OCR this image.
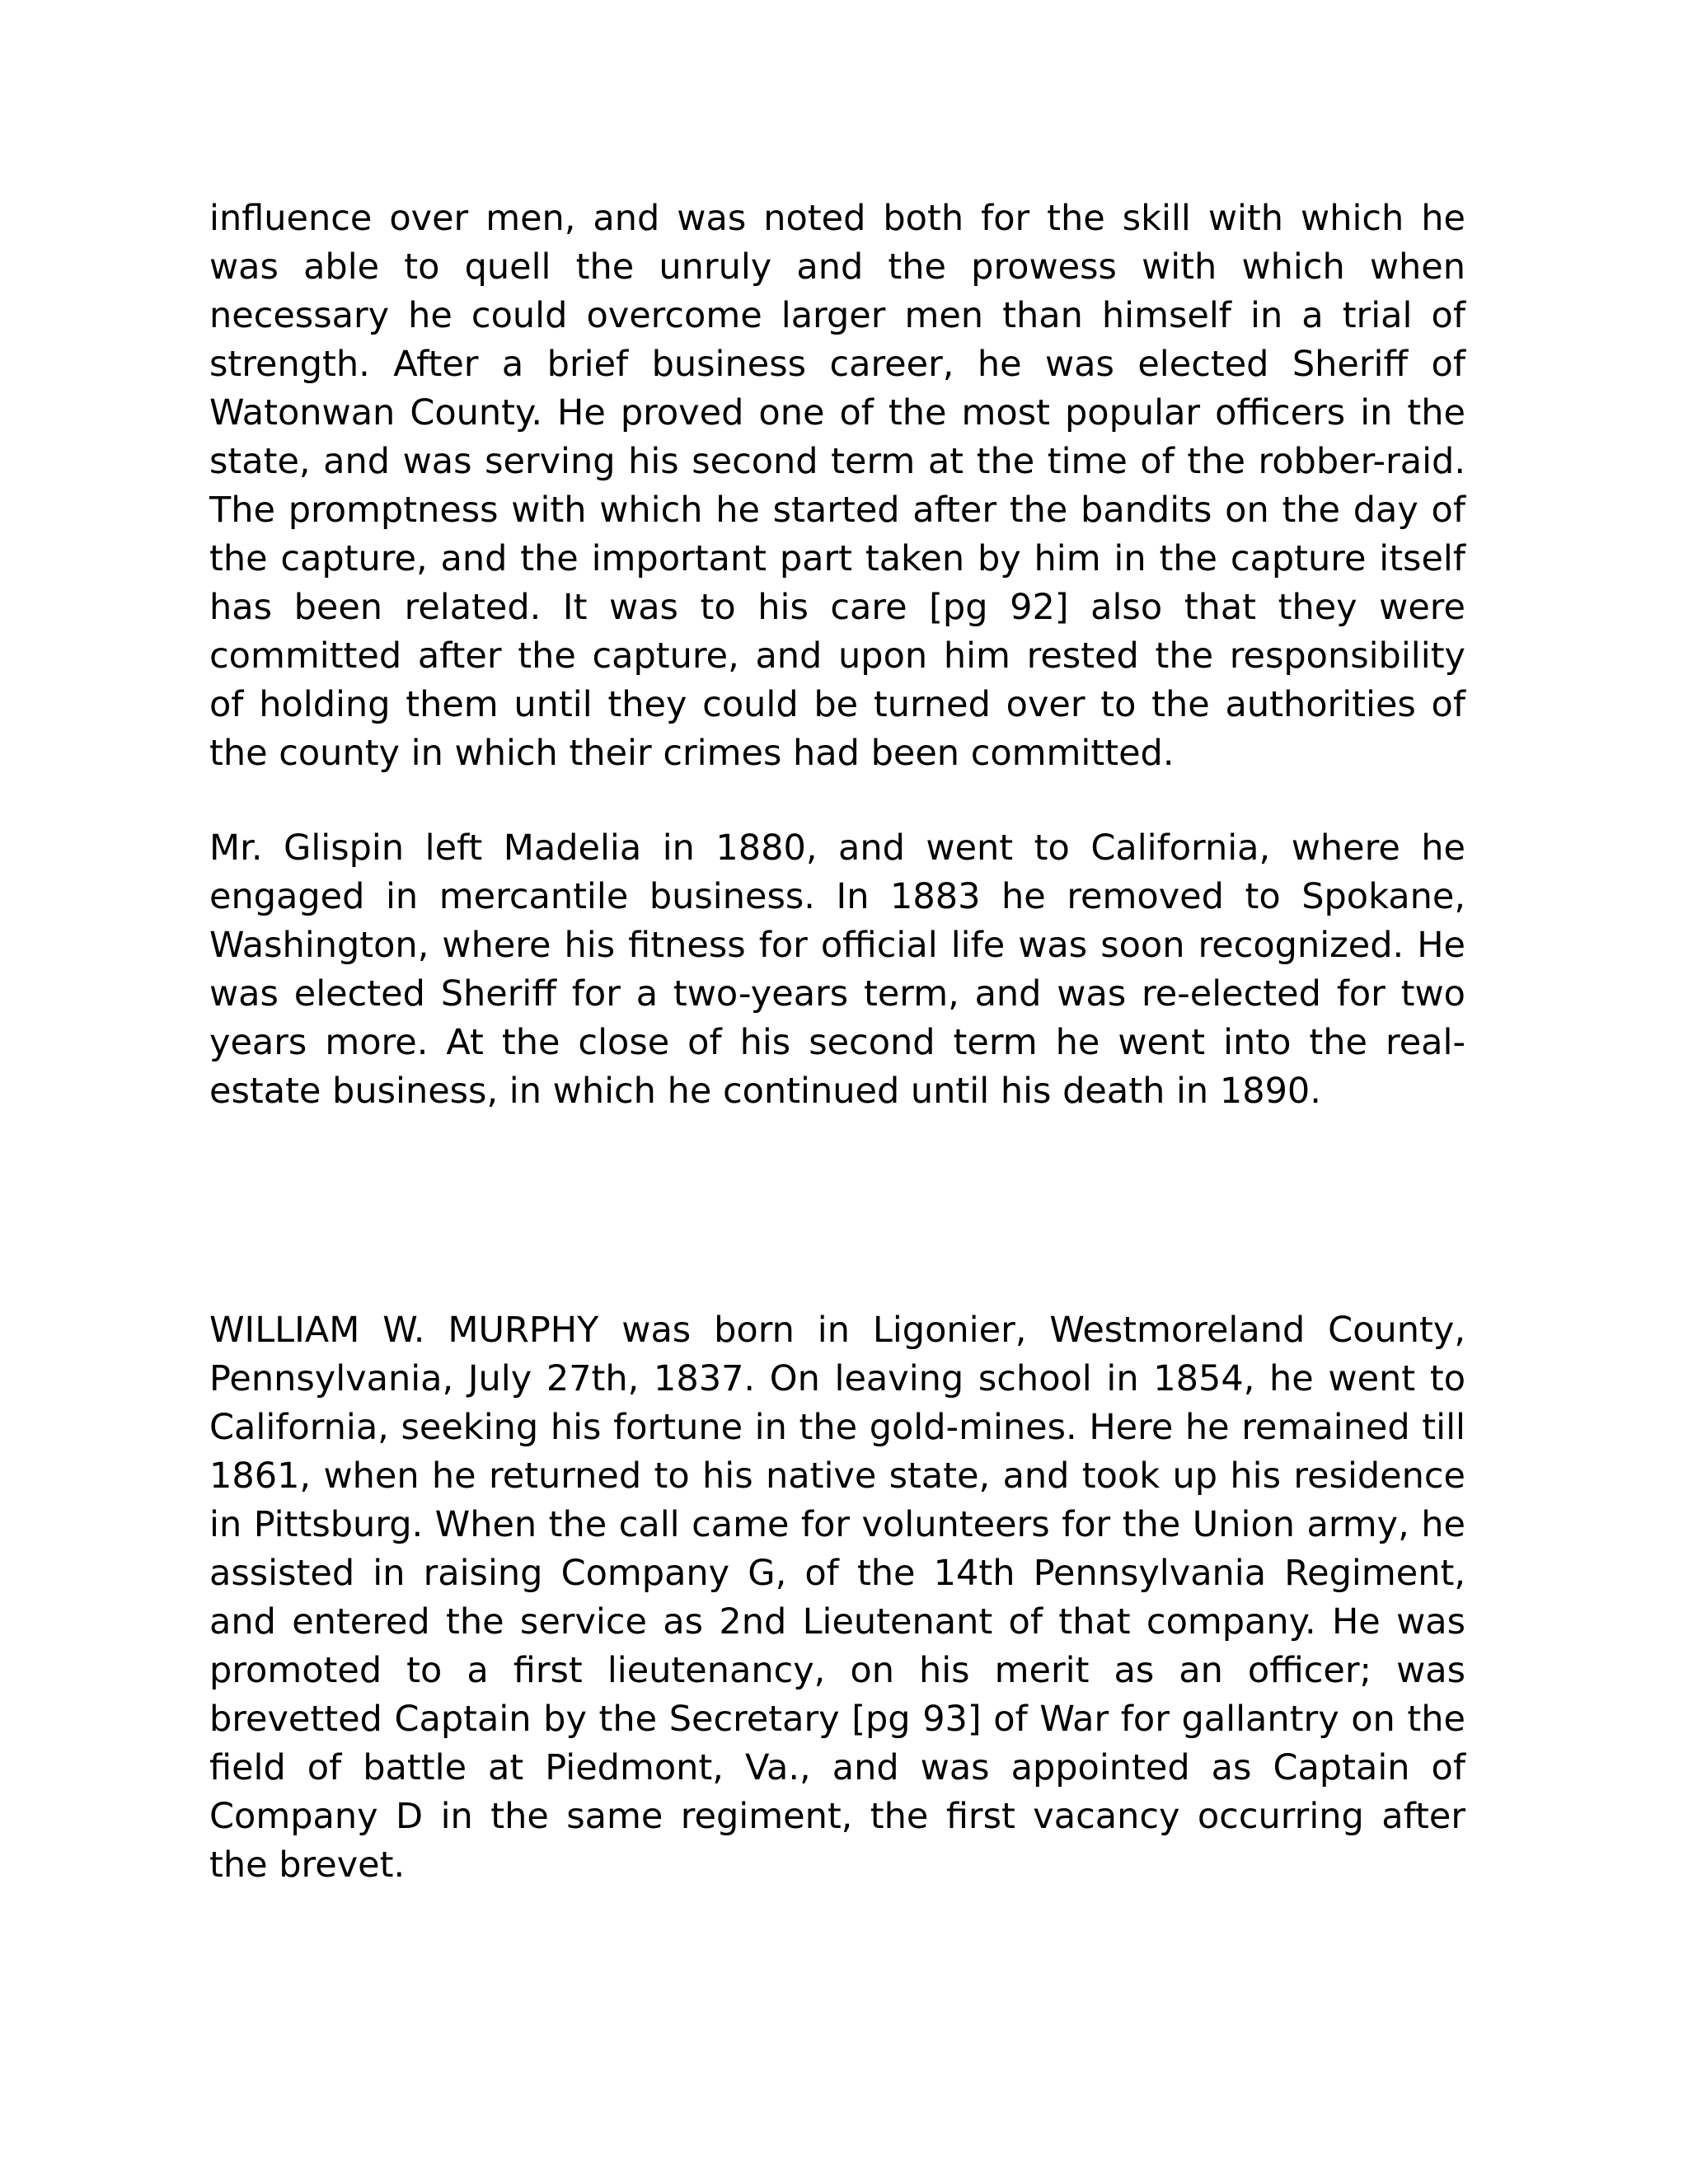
influence over men, and was noted both for the skill with which he was able to quell the unruly and the prowess with which when necessary he could overcome larger men than himself in a trial of strength. After a brief business career, he was elected Sheriff of Watonwan County. He proved one of the most popular officers in the state, and was serving his second term at the time of the robber-raid. The promptness with which he started after the bandits on the day of the capture, and the important part taken by him in the capture itself has been related. It was to his care [pg 92] also that they were committed after the capture, and upon him rested the responsibility of holding them until they could be turned over to the authorities of the county in which their crimes had been committed.

Mr. Glispin left Madelia in 1880, and went to California, where he engaged in mercantile business. In 1883 he removed to Spokane, Washington, where his fitness for official life was soon recognized. He was elected Sheriff for a two-years term, and was re-elected for two years more. At the close of his second term he went into the real-estate business, in which he continued until his death in 1890.

WILLIAM W. MURPHY was born in Ligonier, Westmoreland County, Pennsylvania, July 27th, 1837. On leaving school in 1854, he went to California, seeking his fortune in the gold-mines. Here he remained till 1861, when he returned to his native state, and took up his residence in Pittsburg. When the call came for volunteers for the Union army, he assisted in raising Company G, of the 14th Pennsylvania Regiment, and entered the service as 2nd Lieutenant of that company. He was promoted to a first lieutenancy, on his merit as an officer; was brevetted Captain by the Secretary [pg 93] of War for gallantry on the field of battle at Piedmont, Va., and was appointed as Captain of Company D in the same regiment, the first vacancy occurring after the brevet.
